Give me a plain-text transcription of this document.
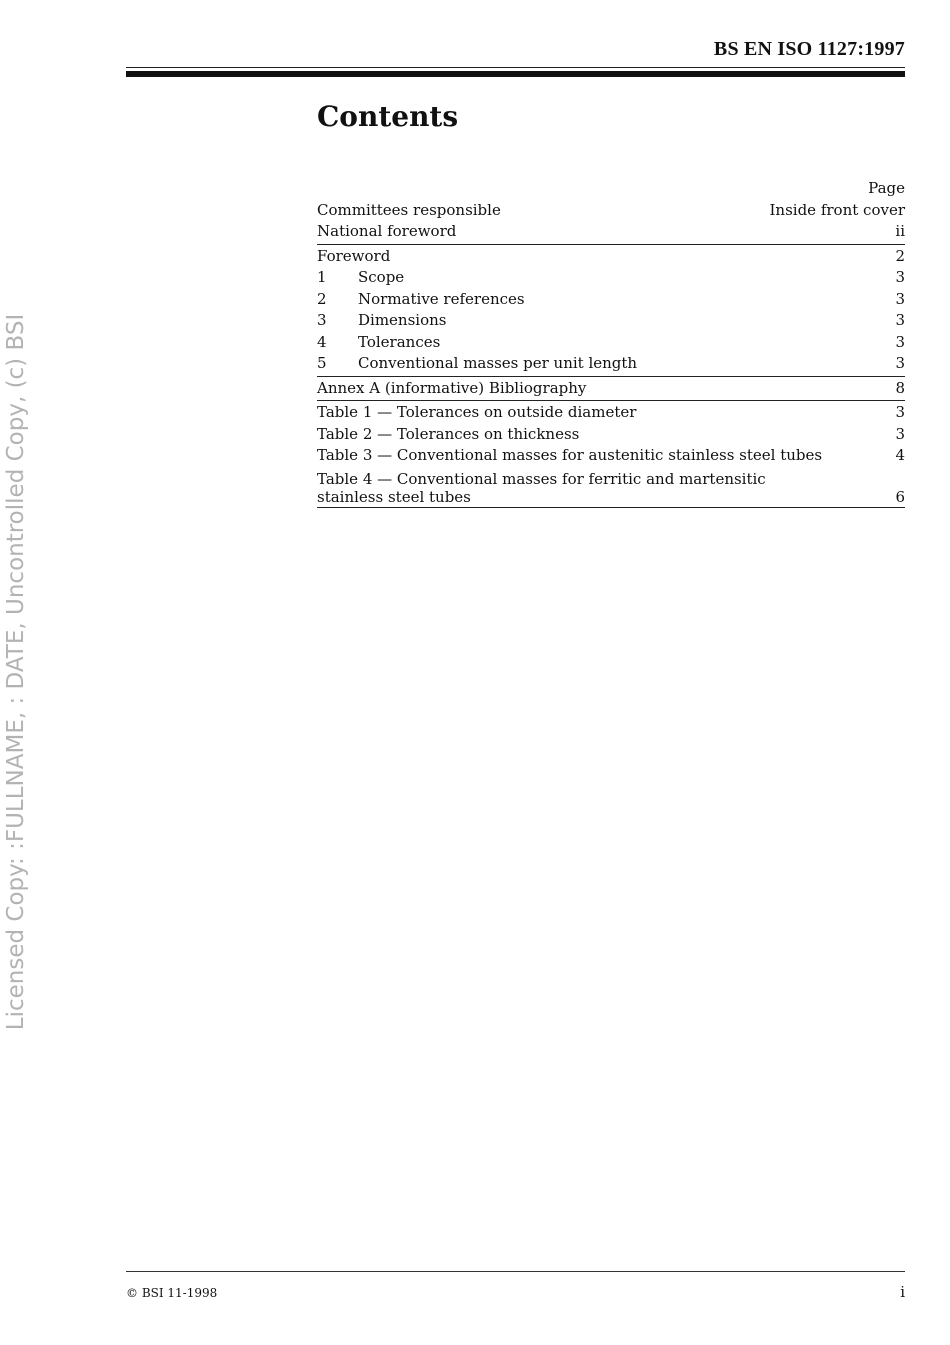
BS EN ISO 1127:1997
Licensed Copy: :FULLNAME, : DATE, Uncontrolled Copy, (c) BSI
Contents
Page
Committees responsible	Inside front cover
National foreword	ii
Foreword	2
1	Scope	3
2	Normative references	3
3	Dimensions	3
4	Tolerances	3
5	Conventional masses per unit length	3
Annex A (informative) Bibliography	8
Table 1 — Tolerances on outside diameter	3
Table 2 — Tolerances on thickness	3
Table 3 — Conventional masses for austenitic stainless steel tubes	4
Table 4 — Conventional masses for ferritic and martensitic
stainless steel tubes	6
© BSI 11-1998	i
